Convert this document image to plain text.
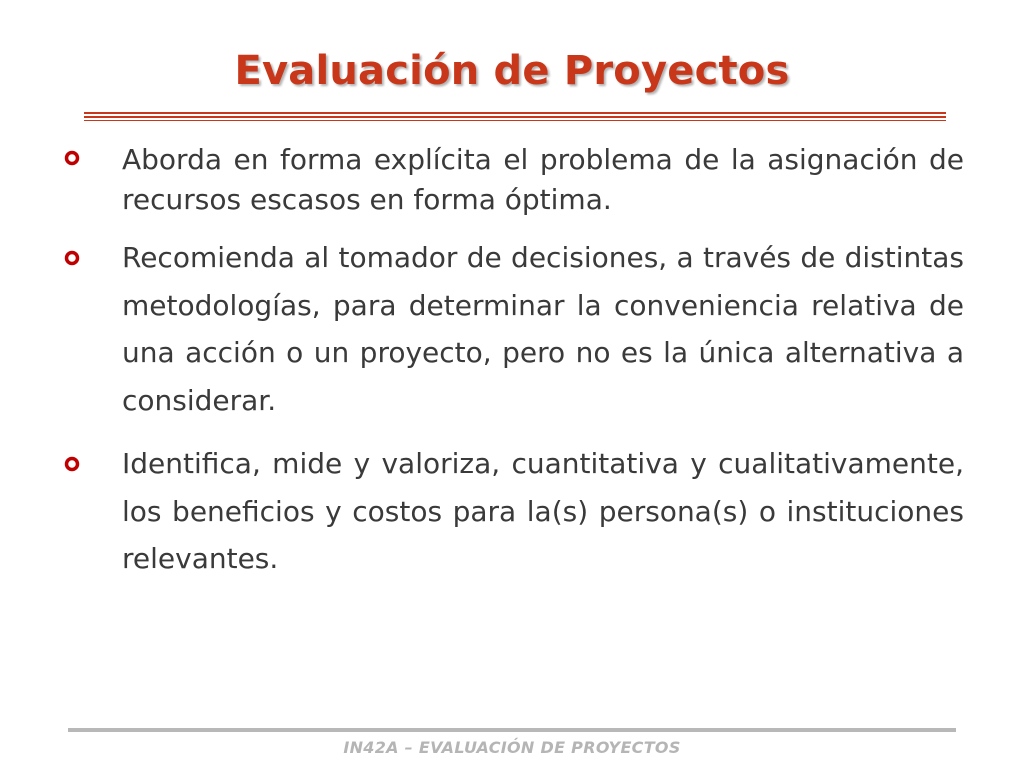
Evaluación de Proyectos
Aborda en forma explícita el problema de la asignación de recursos escasos en forma óptima.
Recomienda al tomador de decisiones, a través de distintas metodologías, para determinar la conveniencia relativa de una acción o un proyecto, pero no es la única alternativa a considerar.
Identifica, mide y valoriza, cuantitativa y cualitativamente, los beneficios y costos para la(s) persona(s) o instituciones relevantes.
IN42A – EVALUACIÓN DE PROYECTOS
